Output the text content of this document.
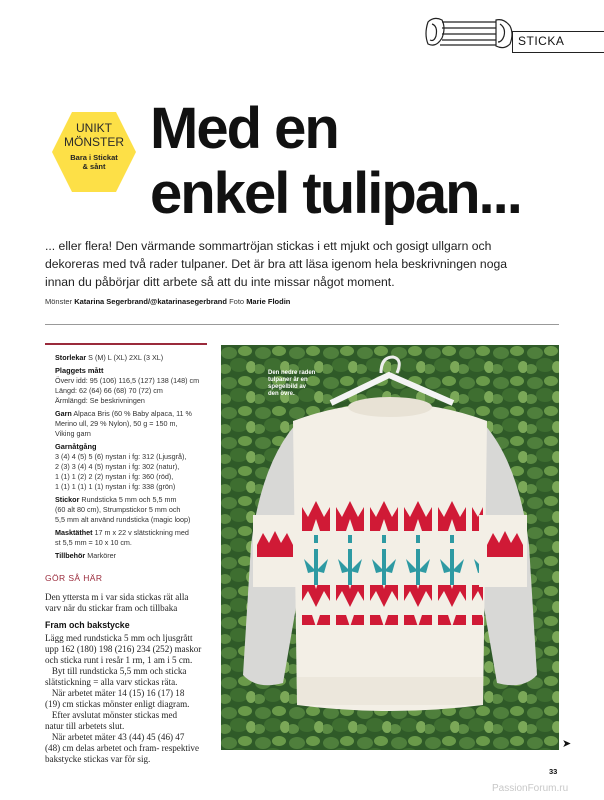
STICKA
UNIKT
MÖNSTER
Bara i Stickat
& sånt
Med en
enkel tulipan...
... eller flera! Den värmande sommartröjan stickas i ett mjukt och gosigt ullgarn och
dekoreras med två rader tulpaner. Det är bra att läsa igenom hela beskrivningen noga
innan du påbörjar ditt arbete så att du inte missar något moment.
Mönster Katarina Segerbrand/@katarinasegerbrand Foto Marie Flodin
Storlekar S (M) L (XL) 2XL (3 XL)
Plaggets mått
Överv idd: 95 (106) 116,5 (127) 138 (148) cm
Längd: 62 (64) 66 (68) 70 (72) cm
Ärmlängd: Se beskrivningen
Garn Alpaca Bris (60 % Baby alpaca, 11 %
Merino ull, 29 % Nylon), 50 g = 150 m,
Viking garn
Garnåtgång
3 (4) 4 (5) 5 (6) nystan i fg: 312 (Ljusgrå),
2 (3) 3 (4) 4 (5) nystan i fg: 302 (natur),
1 (1) 1 (2) 2 (2) nystan i fg: 360 (röd),
1 (1) 1 (1) 1 (1) nystan i fg: 338 (grön)
Stickor Rundsticka 5 mm och 5,5 mm
(60 alt 80 cm), Strumpstickor 5 mm och
5,5 mm alt använd rundsticka (magic loop)
Masktäthet 17 m x 22 v slätstickning med
st 5,5 mm = 10 x 10 cm.
Tillbehör Markörer
GÖR SÅ HÄR
Den yttersta m i var sida stickas rät alla
varv när du stickar fram och tillbaka
Fram och bakstycke
Lägg med rundsticka 5 mm och ljusgrått
upp 162 (180) 198 (216) 234 (252) maskor
och sticka runt i resår 1 rm, 1 am i 5 cm.
Byt till rundsticka 5,5 mm och sticka
slätstickning = alla varv stickas räta.
När arbetet mäter 14 (15) 16 (17) 18
(19) cm stickas mönster enligt diagram.
Efter avslutat mönster stickas med
natur till arbetets slut.
När arbetet mäter 43 (44) 45 (46) 47
(48) cm delas arbetet och fram- respektive
bakstycke stickas var för sig.
Den nedre raden
tulpaner är en
spegelbild av
den övre.
➤
33
PassionForum.ru
